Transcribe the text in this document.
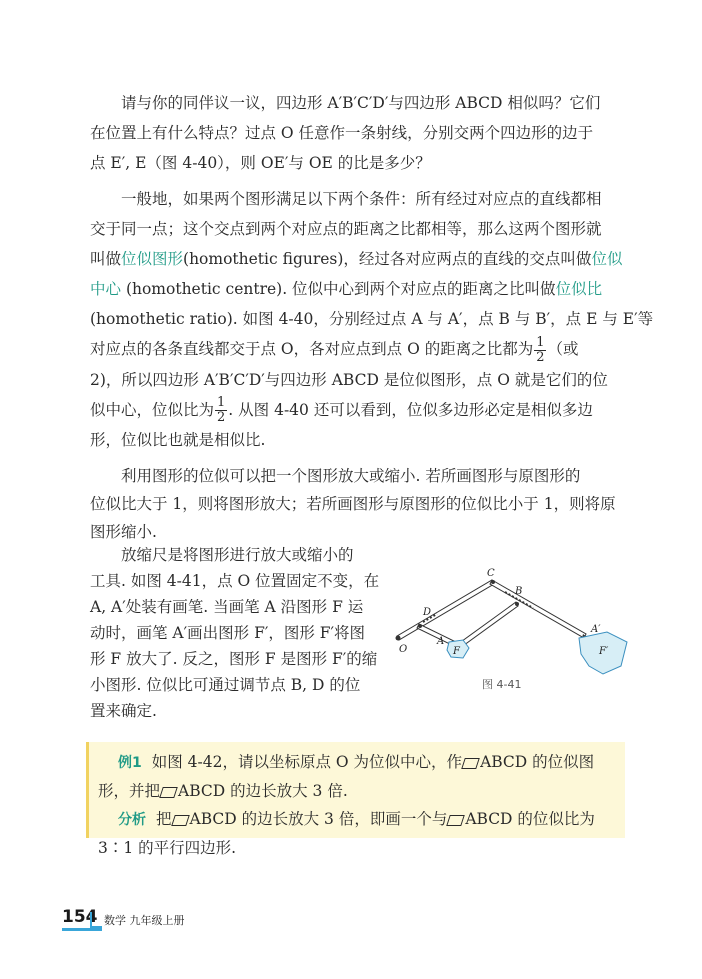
请与你的同伴议一议，四边形 A′B′C′D′与四边形 ABCD 相似吗？它们
在位置上有什么特点？过点 O 任意作一条射线，分别交两个四边形的边于
点 E′, E（图 4-40），则 OE′与 OE 的比是多少？
一般地，如果两个图形满足以下两个条件：所有经过对应点的直线都相
交于同一点；这个交点到两个对应点的距离之比都相等，那么这两个图形就
叫做位似图形(homothetic figures)，经过各对应两点的直线的交点叫做位似
中心 (homothetic centre). 位似中心到两个对应点的距离之比叫做位似比
(homothetic ratio). 如图 4-40，分别经过点 A 与 A′，点 B 与 B′，点 E 与 E′等
对应点的各条直线都交于点 O，各对应点到点 O 的距离之比都为 $\frac{1}{2}$ （或
2)，所以四边形 A′B′C′D′与四边形 ABCD 是位似图形，点 O 就是它们的位
似中心，位似比为 $\frac{1}{2}$ . 从图 4-40 还可以看到，位似多边形必定是相似多边
形，位似比也就是相似比.
利用图形的位似可以把一个图形放大或缩小. 若所画图形与原图形的
位似比大于 1，则将图形放大；若所画图形与原图形的位似比小于 1，则将原
图形缩小.
放缩尺是将图形进行放大或缩小的
工具. 如图 4-41，点 O 位置固定不变，在
A, A′处装有画笔. 当画笔 A 沿图形 F 运
动时，画笔 A′画出图形 F′，图形 F′将图
形 F 放大了. 反之，图形 F 是图形 F′的缩
小图形. 位似比可通过调节点 B, D 的位
置来确定.
O
D
A
F
C
B
A′
F′
图 4-41
例1 如图 4-42，请以坐标原点 O 为位似中心，作 ABCD 的位似图
形，并把 ABCD 的边长放大 3 倍.
分析 把 ABCD 的边长放大 3 倍，即画一个与 ABCD 的位似比为
3∶1 的平行四边形.
154 数学 九年级上册
